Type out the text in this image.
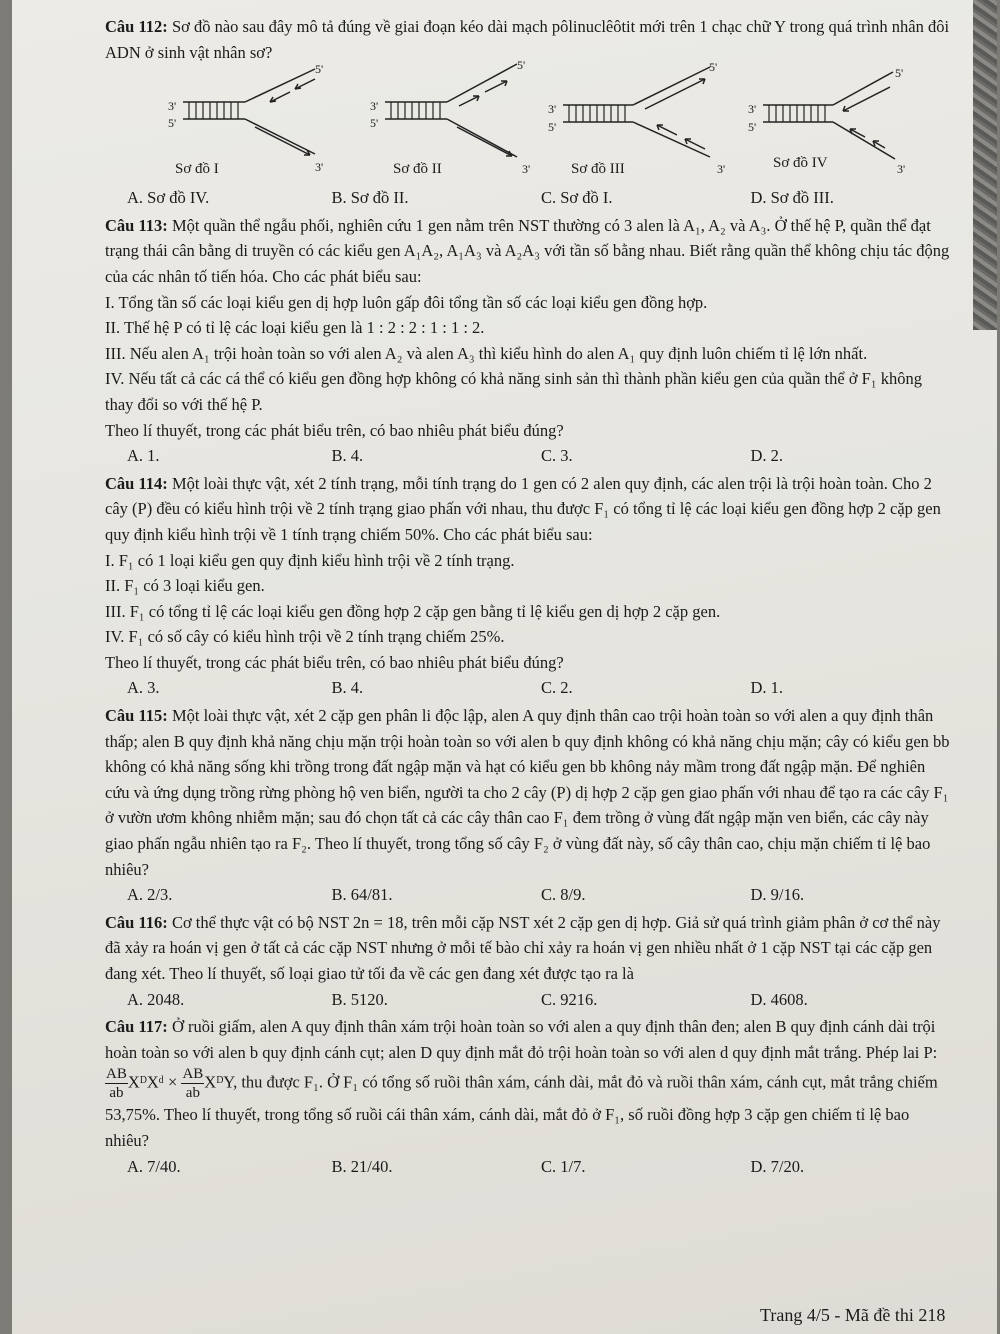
Câu 112: Sơ đồ nào sau đây mô tả đúng về giai đoạn kéo dài mạch pôlinuclêôtit mới trên 1 chạc chữ Y trong quá trình nhân đôi ADN ở sinh vật nhân sơ?

3'
5'
5'
3'
Sơ đồ I
3'
5'
5'
3'
Sơ đồ II
3'
5'
5'
3'
Sơ đồ III
3'
5'
5'
3'
Sơ đồ IV
A. Sơ đồ IV.	B. Sơ đồ II.	C. Sơ đồ I.	D. Sơ đồ III.

Câu 113: Một quần thể ngẫu phối, nghiên cứu 1 gen nằm trên NST thường có 3 alen là A₁, A₂ và A₃. Ở thế hệ P, quần thể đạt trạng thái cân bằng di truyền có các kiểu gen A₁A₂, A₁A₃ và A₂A₃ với tần số bằng nhau. Biết rằng quần thể không chịu tác động của các nhân tố tiến hóa. Cho các phát biểu sau:

I. Tổng tần số các loại kiểu gen dị hợp luôn gấp đôi tổng tần số các loại kiểu gen đồng hợp.

II. Thế hệ P có tỉ lệ các loại kiểu gen là 1 : 2 : 2 : 1 : 1 : 2.

III. Nếu alen A₁ trội hoàn toàn so với alen A₂ và alen A₃ thì kiểu hình do alen A₁ quy định luôn chiếm tỉ lệ lớn nhất.

IV. Nếu tất cả các cá thể có kiểu gen đồng hợp không có khả năng sinh sản thì thành phần kiểu gen của quần thể ở F₁ không thay đổi so với thế hệ P.

Theo lí thuyết, trong các phát biểu trên, có bao nhiêu phát biểu đúng?

A. 1.	B. 4.	C. 3.	D. 2.

Câu 114: Một loài thực vật, xét 2 tính trạng, mỗi tính trạng do 1 gen có 2 alen quy định, các alen trội là trội hoàn toàn. Cho 2 cây (P) đều có kiểu hình trội về 2 tính trạng giao phấn với nhau, thu được F₁ có tổng tỉ lệ các loại kiểu gen đồng hợp 2 cặp gen quy định kiểu hình trội về 1 tính trạng chiếm 50%. Cho các phát biểu sau:

I. F₁ có 1 loại kiểu gen quy định kiểu hình trội về 2 tính trạng.

II. F₁ có 3 loại kiểu gen.

III. F₁ có tổng tỉ lệ các loại kiểu gen đồng hợp 2 cặp gen bằng tỉ lệ kiểu gen dị hợp 2 cặp gen.

IV. F₁ có số cây có kiểu hình trội về 2 tính trạng chiếm 25%.

Theo lí thuyết, trong các phát biểu trên, có bao nhiêu phát biểu đúng?

A. 3.	B. 4.	C. 2.	D. 1.

Câu 115: Một loài thực vật, xét 2 cặp gen phân li độc lập, alen A quy định thân cao trội hoàn toàn so với alen a quy định thân thấp; alen B quy định khả năng chịu mặn trội hoàn toàn so với alen b quy định không có khả năng chịu mặn; cây có kiểu gen bb không có khả năng sống khi trồng trong đất ngập mặn và hạt có kiểu gen bb không nảy mầm trong đất ngập mặn. Để nghiên cứu và ứng dụng trồng rừng phòng hộ ven biển, người ta cho 2 cây (P) dị hợp 2 cặp gen giao phấn với nhau để tạo ra các cây F₁ ở vườn ươm không nhiễm mặn; sau đó chọn tất cả các cây thân cao F₁ đem trồng ở vùng đất ngập mặn ven biển, các cây này giao phấn ngẫu nhiên tạo ra F₂. Theo lí thuyết, trong tổng số cây F₂ ở vùng đất này, số cây thân cao, chịu mặn chiếm tỉ lệ bao nhiêu?

A. 2/3.	B. 64/81.	C. 8/9.	D. 9/16.

Câu 116: Cơ thể thực vật có bộ NST 2n = 18, trên mỗi cặp NST xét 2 cặp gen dị hợp. Giả sử quá trình giảm phân ở cơ thể này đã xảy ra hoán vị gen ở tất cả các cặp NST nhưng ở mỗi tế bào chỉ xảy ra hoán vị gen nhiều nhất ở 1 cặp NST tại các cặp gen đang xét. Theo lí thuyết, số loại giao tử tối đa về các gen đang xét được tạo ra là

A. 2048.	B. 5120.	C. 9216.	D. 4608.

Câu 117: Ở ruồi giấm, alen A quy định thân xám trội hoàn toàn so với alen a quy định thân đen; alen B quy định cánh dài trội hoàn toàn so với alen b quy định cánh cụt; alen D quy định mắt đỏ trội hoàn toàn so với alen d quy định mắt trắng. Phép lai P:
$\frac{AB}{ab}$ XᴰXᵈ × $\frac{AB}{ab}$ XᴰY, thu được F₁. Ở F₁ có tổng số ruồi thân xám, cánh dài, mắt đỏ và ruồi thân xám, cánh cụt, mắt trắng chiếm 53,75%. Theo lí thuyết, trong tổng số ruồi cái thân xám, cánh dài, mắt đỏ ở F₁, số ruồi đồng hợp 3 cặp gen chiếm tỉ lệ bao nhiêu?

A. 7/40.	B. 21/40.	C. 1/7.	D. 7/20.
Trang 4/5 - Mã đề thi 218
